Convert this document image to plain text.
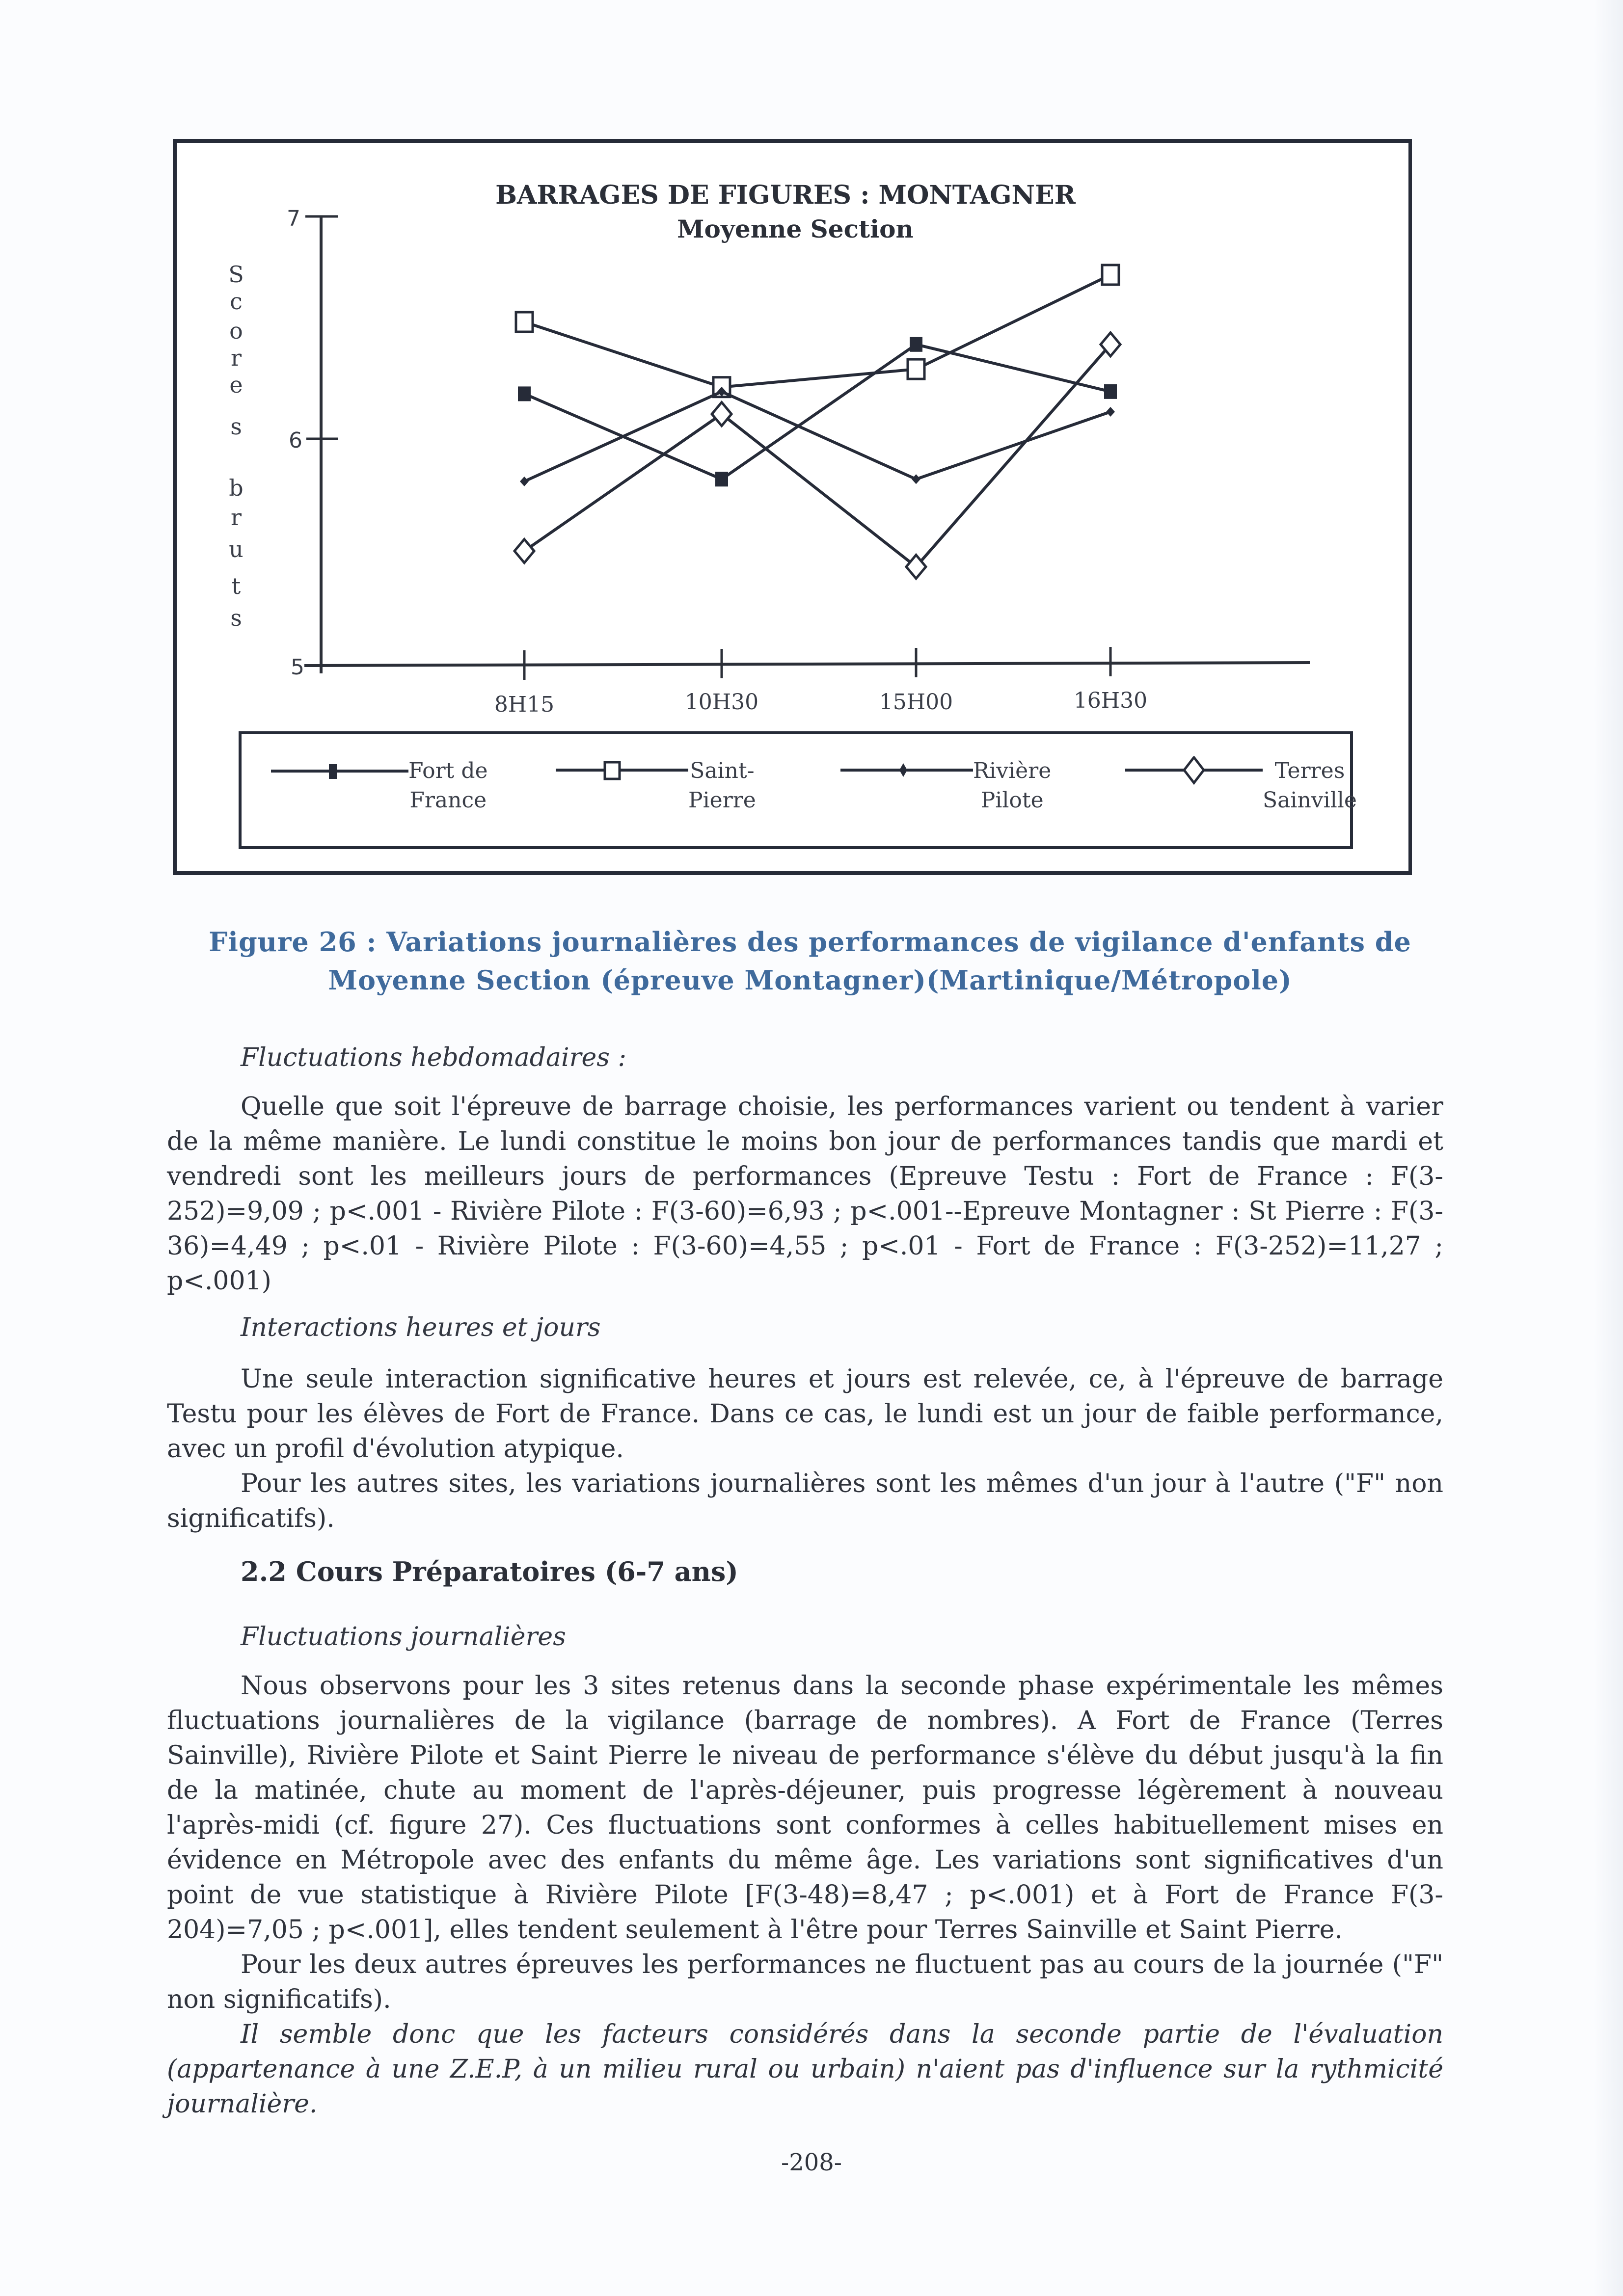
BARRAGES DE FIGURES : MONTAGNER
Moyenne Section
S
c
o
r
e
s
b
r
u
t
s
7
6
5
8H15	10H30	15H00	16H30
Fort de
France
Saint-
Pierre
Rivière
Pilote
Terres
Sainville
Figure 26 : Variations journalières des performances de vigilance d'enfants de
Moyenne Section (épreuve Montagner)(Martinique/Métropole)
Fluctuations hebdomadaires :

Quelle que soit l'épreuve de barrage choisie, les performances varient ou tendent à varier de la même manière. Le lundi constitue le moins bon jour de performances tandis que mardi et vendredi sont les meilleurs jours de performances (Epreuve Testu : Fort de France : F(3-252)=9,09 ; p<.001 - Rivière Pilote : F(3-60)=6,93 ; p<.001--Epreuve Montagner : St Pierre : F(3-36)=4,49 ; p<.01 - Rivière Pilote : F(3-60)=4,55 ; p<.01 - Fort de France : F(3-252)=11,27 ; p<.001)

Interactions heures et jours

Une seule interaction significative heures et jours est relevée, ce, à l'épreuve de barrage Testu pour les élèves de Fort de France. Dans ce cas, le lundi est un jour de faible performance, avec un profil d'évolution atypique.

Pour les autres sites, les variations journalières sont les mêmes d'un jour à l'autre ("F" non significatifs).

2.2 Cours Préparatoires (6-7 ans)
Fluctuations journalières

Nous observons pour les 3 sites retenus dans la seconde phase expérimentale les mêmes fluctuations journalières de la vigilance (barrage de nombres). A Fort de France (Terres Sainville), Rivière Pilote et Saint Pierre le niveau de performance s'élève du début jusqu'à la fin de la matinée, chute au moment de l'après-déjeuner, puis progresse légèrement à nouveau l'après-midi (cf. figure 27). Ces fluctuations sont conformes à celles habituellement mises en évidence en Métropole avec des enfants du même âge. Les variations sont significatives d'un point de vue statistique à Rivière Pilote [F(3-48)=8,47 ; p<.001) et à Fort de France F(3-204)=7,05 ; p<.001], elles tendent seulement à l'être pour Terres Sainville et Saint Pierre.

Pour les deux autres épreuves les performances ne fluctuent pas au cours de la journée ("F" non significatifs).

Il semble donc que les facteurs considérés dans la seconde partie de l'évaluation (appartenance à une Z.E.P, à un milieu rural ou urbain) n'aient pas d'influence sur la rythmicité journalière.

-208-
